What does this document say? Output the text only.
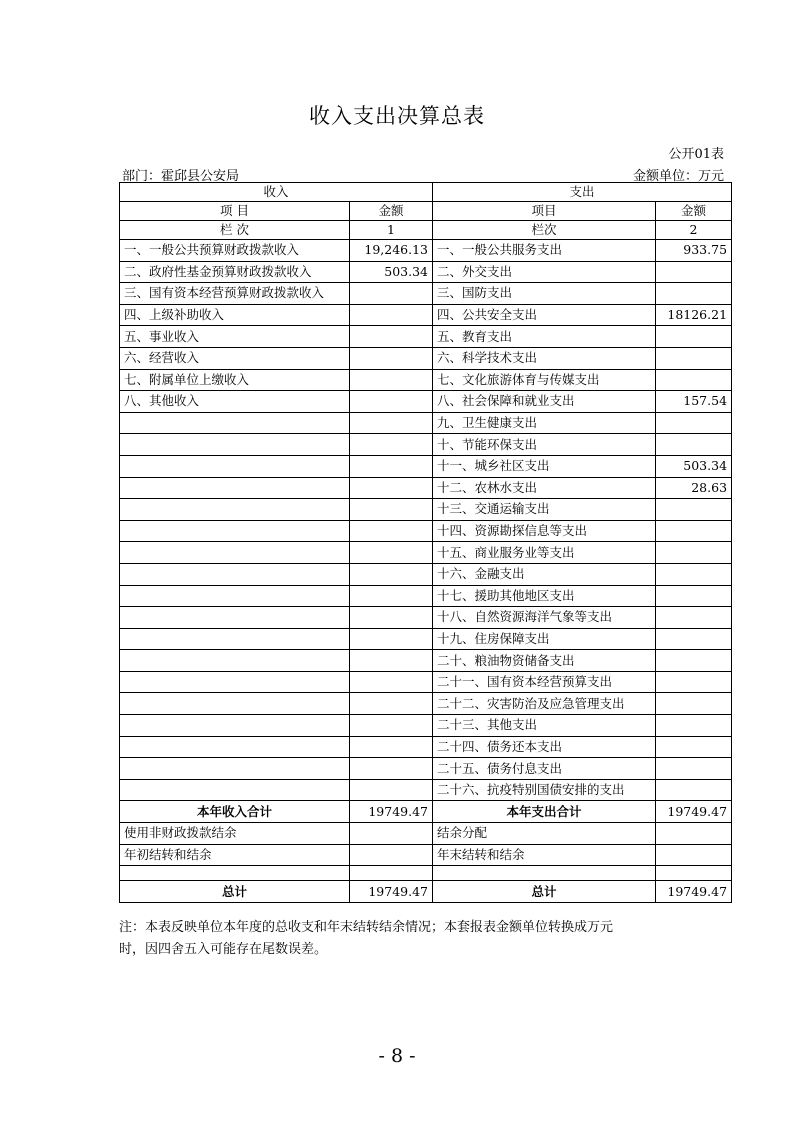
收入支出决算总表
公开01表
部门：霍邱县公安局	金额单位：万元
收入		支出	
项 目	金额	项目	金额
栏 次	1	栏次	2
一、一般公共预算财政拨款收入	19,246.13	一、一般公共服务支出	933.75
二、政府性基金预算财政拨款收入	503.34	二、外交支出	
三、国有资本经营预算财政拨款收入		三、国防支出	
四、上级补助收入		四、公共安全支出	18126.21
五、事业收入		五、教育支出	
六、经营收入		六、科学技术支出	
七、附属单位上缴收入		七、文化旅游体育与传媒支出	
八、其他收入		八、社会保障和就业支出	157.54
		九、卫生健康支出	
		十、节能环保支出	
		十一、城乡社区支出	503.34
		十二、农林水支出	28.63
		十三、交通运输支出	
		十四、资源勘探信息等支出	
		十五、商业服务业等支出	
		十六、金融支出	
		十七、援助其他地区支出	
		十八、自然资源海洋气象等支出	
		十九、住房保障支出	
		二十、粮油物资储备支出	
		二十一、国有资本经营预算支出	
		二十二、灾害防治及应急管理支出	
		二十三、其他支出	
		二十四、债务还本支出	
		二十五、债务付息支出	
		二十六、抗疫特别国债安排的支出	
本年收入合计	19749.47	本年支出合计	19749.47
使用非财政拨款结余		结余分配	
年初结转和结余		年末结转和结余	

总计	19749.47	总计	19749.47
注：本表反映单位本年度的总收支和年末结转结余情况；本套报表金额单位转换成万元
时，因四舍五入可能存在尾数误差。
- 8 -
